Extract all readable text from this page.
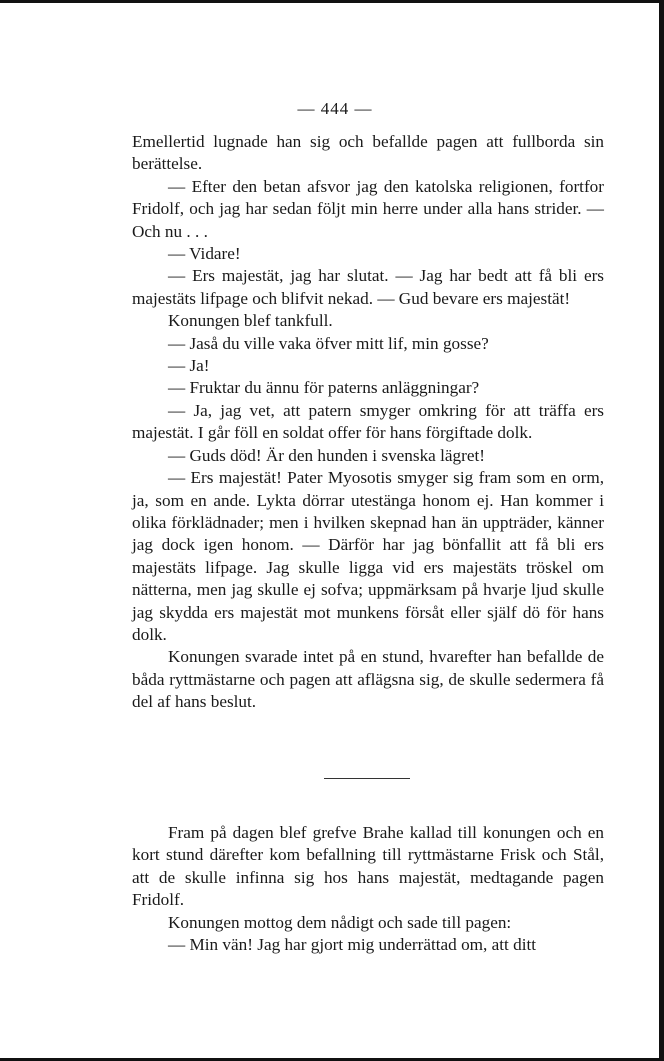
— 444 —

Emellertid lugnade han sig och befallde pagen att fullborda sin berättelse.

— Efter den betan afsvor jag den katolska religionen, fortfor Fridolf, och jag har sedan följt min herre under alla hans strider. — Och nu . . .

— Vidare!

— Ers majestät, jag har slutat. — Jag har bedt att få bli ers majestäts lifpage och blifvit nekad. — Gud bevare ers majestät!

Konungen blef tankfull.

— Jaså du ville vaka öfver mitt lif, min gosse?

— Ja!

— Fruktar du ännu för paterns anläggningar?

— Ja, jag vet, att patern smyger omkring för att träffa ers majestät. I går föll en soldat offer för hans förgiftade dolk.

— Guds död! Är den hunden i svenska lägret!

— Ers majestät! Pater Myosotis smyger sig fram som en orm, ja, som en ande. Lykta dörrar utestänga honom ej. Han kommer i olika förklädnader; men i hvilken skepnad han än uppträder, känner jag dock igen honom. — Därför har jag bönfallit att få bli ers majestäts lifpage. Jag skulle ligga vid ers majestäts tröskel om nätterna, men jag skulle ej sofva; uppmärksam på hvarje ljud skulle jag skydda ers majestät mot munkens försåt eller själf dö för hans dolk.

Konungen svarade intet på en stund, hvarefter han befallde de båda ryttmästarne och pagen att aflägsna sig, de skulle sedermera få del af hans beslut.

Fram på dagen blef grefve Brahe kallad till konungen och en kort stund därefter kom befallning till ryttmästarne Frisk och Stål, att de skulle infinna sig hos hans majestät, medtagande pagen Fridolf.

Konungen mottog dem nådigt och sade till pagen:

— Min vän! Jag har gjort mig underrättad om, att ditt
